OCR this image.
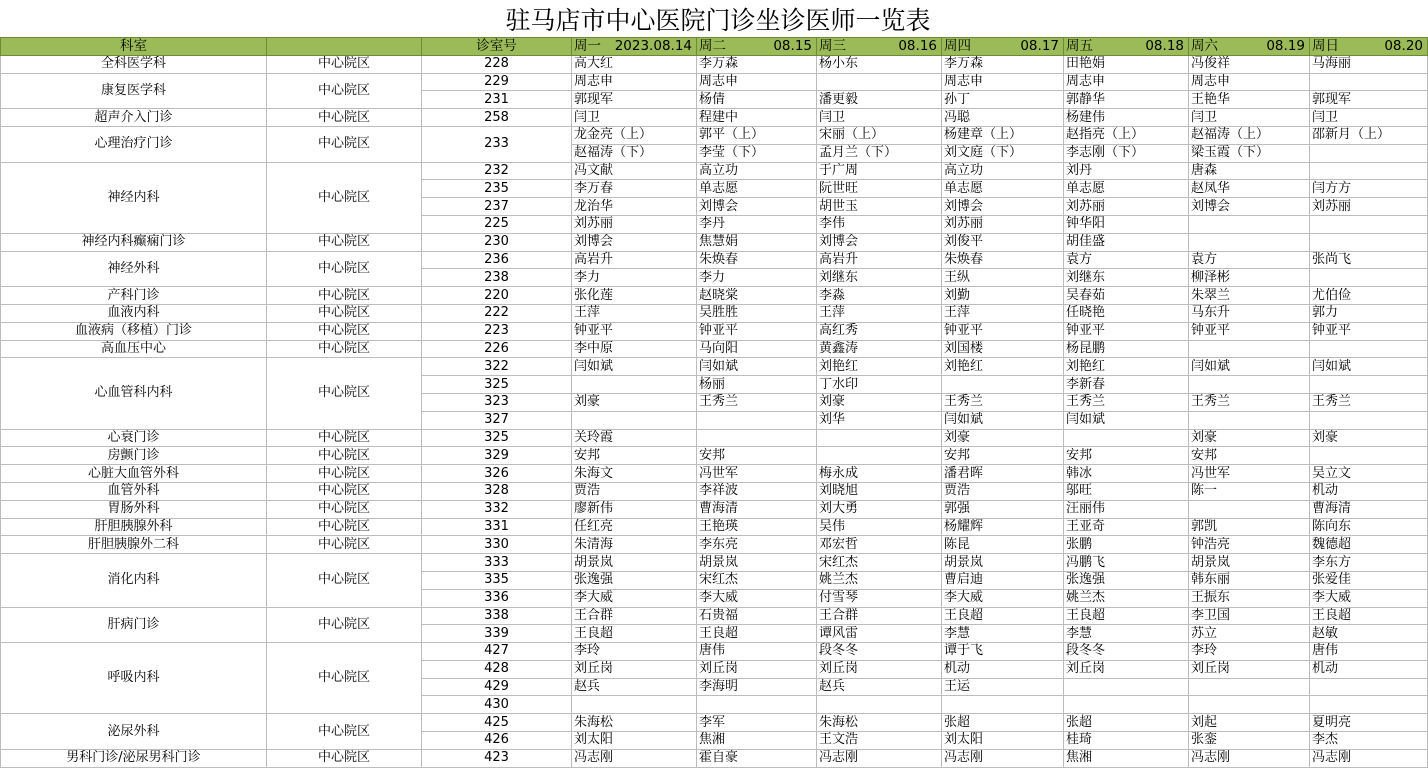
驻马店市中心医院门诊坐诊医师一览表
科室		诊室号	周一 2023.08.14	周二 08.15	周三 08.16	周四 08.17	周五 08.18	周六 08.19	周日 08.20

全科医学科	中心院区	228	高大红	李万森	杨小东	李万森	田艳娟	冯俊祥	马海丽
康复医学科	中心院区	229	周志申	周志申		周志申	周志申	周志申	
		231	郭现军	杨倩	潘更毅	孙丁	郭静华	王艳华	郭现军
超声介入门诊	中心院区	258	闫卫	程建中	闫卫	冯聪	杨建伟	闫卫	闫卫
心理治疗门诊	中心院区	233	龙金亮（上）	郭平（上）	宋丽（上）	杨建章（上）	赵指亮（上）	赵福涛（上）	邵新月（上）
			赵福涛（下）	李莹（下）	孟月兰（下）	刘文庭（下）	李志刚（下）	梁玉霞（下）	
神经内科	中心院区	232	冯文献	高立功	于广周	高立功	刘丹	唐森	
		235	李万春	单志愿	阮世旺	单志愿	单志愿	赵凤华	闫方方
		237	龙治华	刘博会	胡世玉	刘博会	刘苏丽	刘博会	刘苏丽
		225	刘苏丽	李丹	李伟	刘苏丽	钟华阳		
神经内科癫痫门诊	中心院区	230	刘博会	焦慧娟	刘博会	刘俊平	胡佳盛		
神经外科	中心院区	236	高岩升	朱焕春	高岩升	朱焕春	袁方	袁方	张尚飞
		238	李力	李力	刘继东	王纵	刘继东	柳泽彬	
产科门诊	中心院区	220	张化莲	赵晓棠	李淼	刘勤	吴春茹	朱翠兰	尤伯俭
血液内科	中心院区	222	王萍	吴胜胜	王萍	王萍	任晓艳	马东升	郭力
血液病（移植）门诊	中心院区	223	钟亚平	钟亚平	高红秀	钟亚平	钟亚平	钟亚平	钟亚平
高血压中心	中心院区	226	李中原	马向阳	黄鑫涛	刘国楼	杨昆鹏		
心血管科内科	中心院区	322	闫如斌	闫如斌	刘艳红	刘艳红	刘艳红	闫如斌	闫如斌
		325		杨丽	丁水印		李新春		
		323	刘豪	王秀兰	刘豪	王秀兰	王秀兰	王秀兰	王秀兰
		327			刘华	闫如斌	闫如斌		
心衰门诊	中心院区	325	关玲霞			刘豪		刘豪	刘豪
房颤门诊	中心院区	329	安邦	安邦		安邦	安邦	安邦	
心脏大血管外科	中心院区	326	朱海文	冯世军	梅永成	潘君晖	韩冰	冯世军	吴立文
血管外科	中心院区	328	贾浩	李祥波	刘晓旭	贾浩	邬旺	陈一	机动
胃肠外科	中心院区	332	廖新伟	曹海清	刘大勇	郭强	汪丽伟		曹海清
肝胆胰腺外科	中心院区	331	任红亮	王艳瑛	吴伟	杨耀辉	王亚奇	郭凯	陈向东
肝胆胰腺外二科	中心院区	330	朱清海	李东亮	邓宏哲	陈昆	张鹏	钟浩亮	魏德超
消化内科	中心院区	333	胡景岚	胡景岚	宋红杰	胡景岚	冯鹏飞	胡景岚	李东方
		335	张逸强	宋红杰	姚兰杰	曹启迪	张逸强	韩东丽	张爱佳
		336	李大威	李大威	付雪琴	李大威	姚兰杰	王振东	李大威
肝病门诊	中心院区	338	王合群	石贵福	王合群	王良超	王良超	李卫国	王良超
		339	王良超	王良超	谭风雷	李慧	李慧	苏立	赵敏
呼吸内科	中心院区	427	李玲	唐伟	段冬冬	谭于飞	段冬冬	李玲	唐伟
		428	刘丘岗	刘丘岗	刘丘岗	机动	刘丘岗	刘丘岗	机动
		429	赵兵	李海明	赵兵	王运			
		430							
泌尿外科	中心院区	425	朱海松	李军	朱海松	张超	张超	刘起	夏明亮
		426	刘太阳	焦湘	王文浩	刘太阳	桂琦	张銮	李杰
男科门诊/泌尿男科门诊	中心院区	423	冯志刚	霍自豪	冯志刚	冯志刚	焦湘	冯志刚	冯志刚
